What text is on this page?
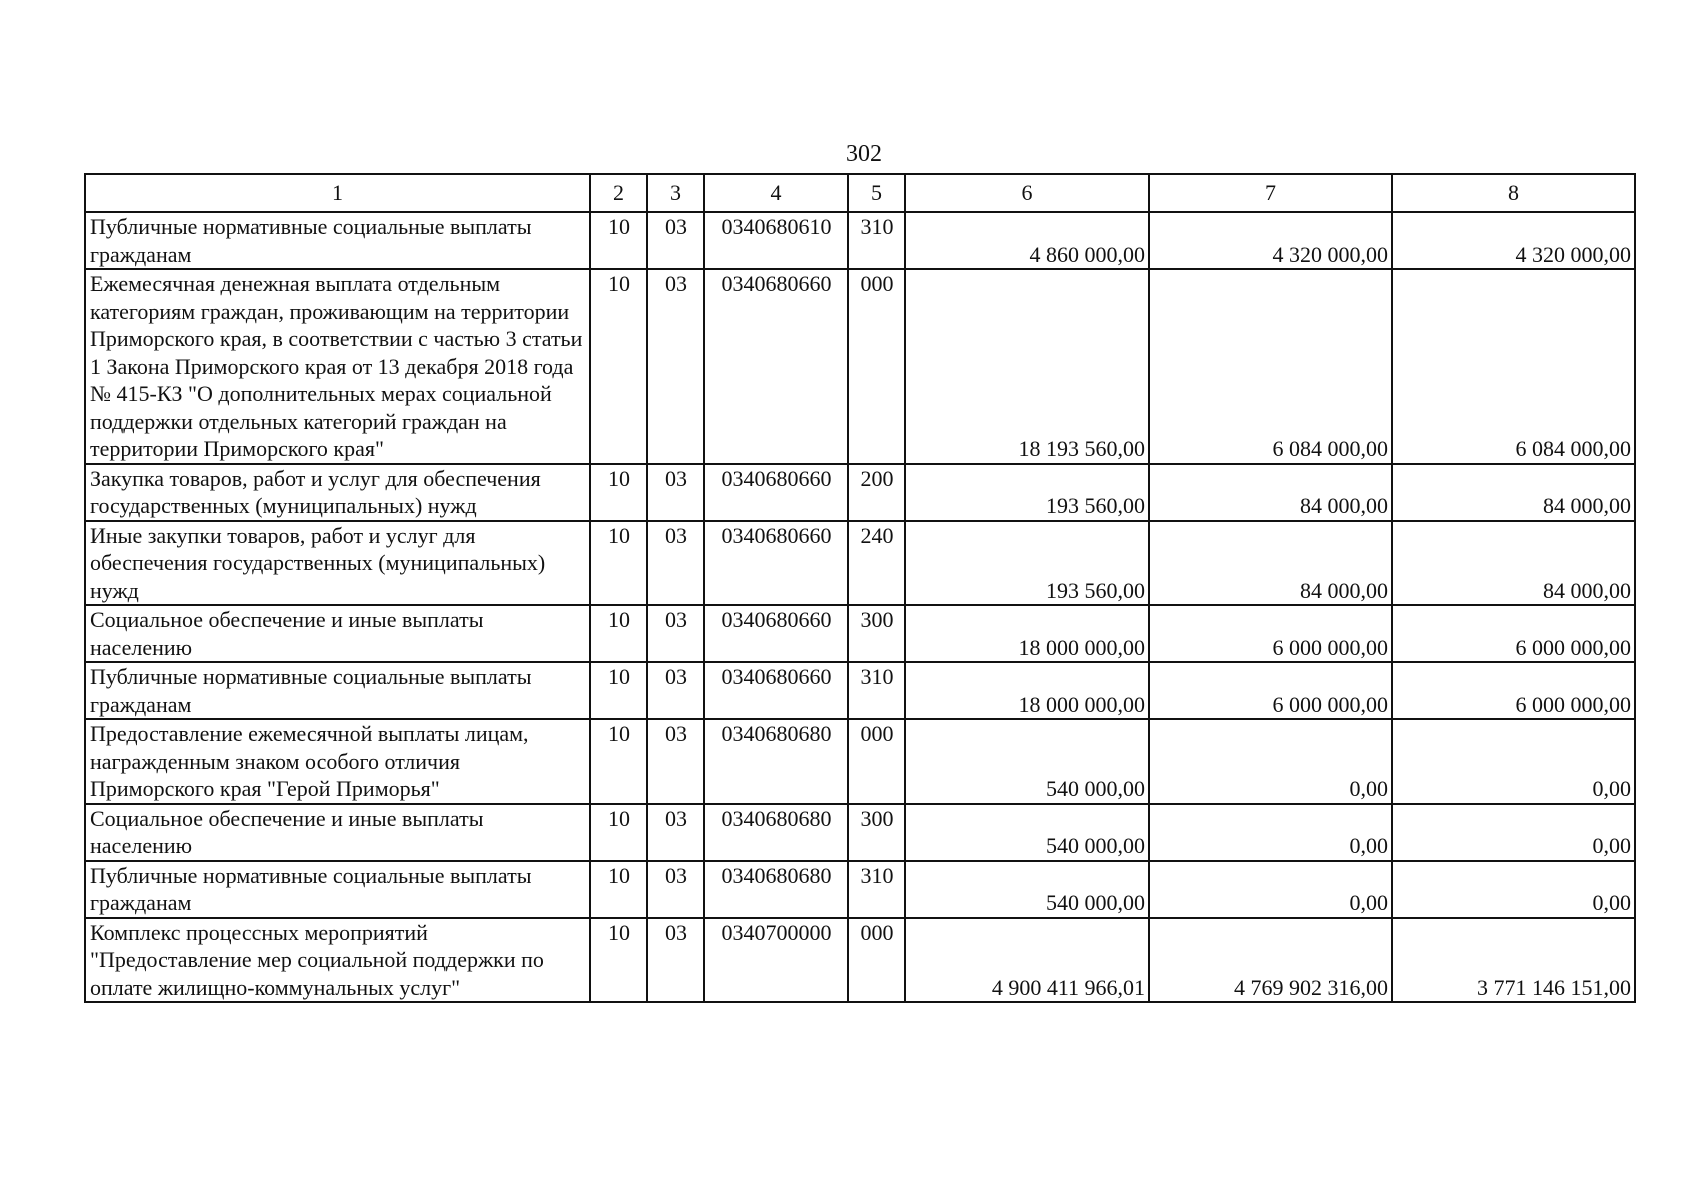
302
1	2	3	4	5	6	7	8
Публичные нормативные социальные выплаты гражданам	10	03	0340680610	310	4 860 000,00	4 320 000,00	4 320 000,00
Ежемесячная денежная выплата отдельным категориям граждан, проживающим на территории Приморского края, в соответствии с частью 3 статьи 1 Закона Приморского края от 13 декабря 2018 года № 415-КЗ "О дополнительных мерах социальной поддержки отдельных категорий граждан на территории Приморского края"	10	03	0340680660	000	18 193 560,00	6 084 000,00	6 084 000,00
Закупка товаров, работ и услуг для обеспечения государственных (муниципальных) нужд	10	03	0340680660	200	193 560,00	84 000,00	84 000,00
Иные закупки товаров, работ и услуг для обеспечения государственных (муниципальных) нужд	10	03	0340680660	240	193 560,00	84 000,00	84 000,00
Социальное обеспечение и иные выплаты населению	10	03	0340680660	300	18 000 000,00	6 000 000,00	6 000 000,00
Публичные нормативные социальные выплаты гражданам	10	03	0340680660	310	18 000 000,00	6 000 000,00	6 000 000,00
Предоставление ежемесячной выплаты лицам, награжденным знаком особого отличия Приморского края "Герой Приморья"	10	03	0340680680	000	540 000,00	0,00	0,00
Социальное обеспечение и иные выплаты населению	10	03	0340680680	300	540 000,00	0,00	0,00
Публичные нормативные социальные выплаты гражданам	10	03	0340680680	310	540 000,00	0,00	0,00
Комплекс процессных мероприятий "Предоставление мер социальной поддержки по оплате жилищно-коммунальных услуг"	10	03	0340700000	000	4 900 411 966,01	4 769 902 316,00	3 771 146 151,00
